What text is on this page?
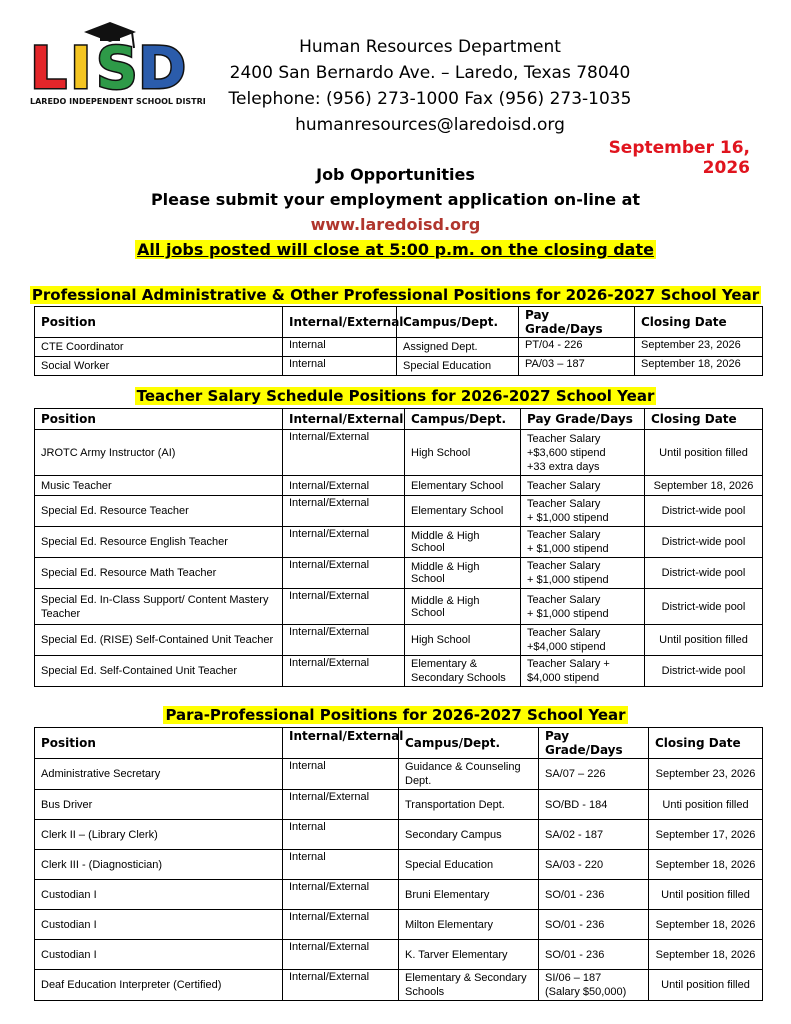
L I S D
LAREDO INDEPENDENT SCHOOL DISTRICT
Human Resources Department
2400 San Bernardo Ave. – Laredo, Texas 78040
Telephone: (956) 273-1000 Fax (956) 273-1035
humanresources@laredoisd.org
September 16, 2026
Job Opportunities
Please submit your employment application on-line at
www.laredoisd.org
All jobs posted will close at 5:00 p.m. on the closing date
Professional Administrative & Other Professional Positions for 2026-2027 School Year
Position	Internal/External	Campus/Dept.	Pay Grade/Days	Closing Date
CTE Coordinator	Internal	Assigned Dept.	PT/04 - 226	September 23, 2026
Social Worker	Internal	Special Education	PA/03 – 187	September 18, 2026
Teacher Salary Schedule Positions for 2026-2027 School Year
Position	Internal/External	Campus/Dept.	Pay Grade/Days	Closing Date
JROTC Army Instructor (AI)	Internal/External	High School	Teacher Salary
+$3,600 stipend
+33 extra days	Until position filled
Music Teacher	Internal/External	Elementary School	Teacher Salary	September 18, 2026
Special Ed. Resource Teacher	Internal/External	Elementary School	Teacher Salary
+ $1,000 stipend	District-wide pool
Special Ed. Resource English Teacher	Internal/External	Middle & High School	Teacher Salary
+ $1,000 stipend	District-wide pool
Special Ed. Resource Math Teacher	Internal/External	Middle & High School	Teacher Salary
+ $1,000 stipend	District-wide pool
Special Ed. In-Class Support/ Content Mastery Teacher	Internal/External	Middle & High School	Teacher Salary
+ $1,000 stipend	District-wide pool
Special Ed. (RISE) Self-Contained Unit Teacher	Internal/External	High School	Teacher Salary
+$4,000 stipend	Until position filled
Special Ed. Self-Contained Unit Teacher	Internal/External	Elementary &
Secondary Schools	Teacher Salary +
$4,000 stipend	District-wide pool
Para-Professional Positions for 2026-2027 School Year
Position	Internal/External	Campus/Dept.	Pay Grade/Days	Closing Date
Administrative Secretary	Internal	Guidance & Counseling
Dept.	SA/07 – 226	September 23, 2026
Bus Driver	Internal/External	Transportation Dept.	SO/BD - 184	Unti position filled
Clerk II – (Library Clerk)	Internal	Secondary Campus	SA/02 - 187	September 17, 2026
Clerk III - (Diagnostician)	Internal	Special Education	SA/03 - 220	September 18, 2026
Custodian I	Internal/External	Bruni Elementary	SO/01 - 236	Until position filled
Custodian I	Internal/External	Milton Elementary	SO/01 - 236	September 18, 2026
Custodian I	Internal/External	K. Tarver Elementary	SO/01 - 236	September 18, 2026
Deaf Education Interpreter (Certified)	Internal/External	Elementary & Secondary
Schools	SI/06 – 187
(Salary $50,000)	Until position filled
